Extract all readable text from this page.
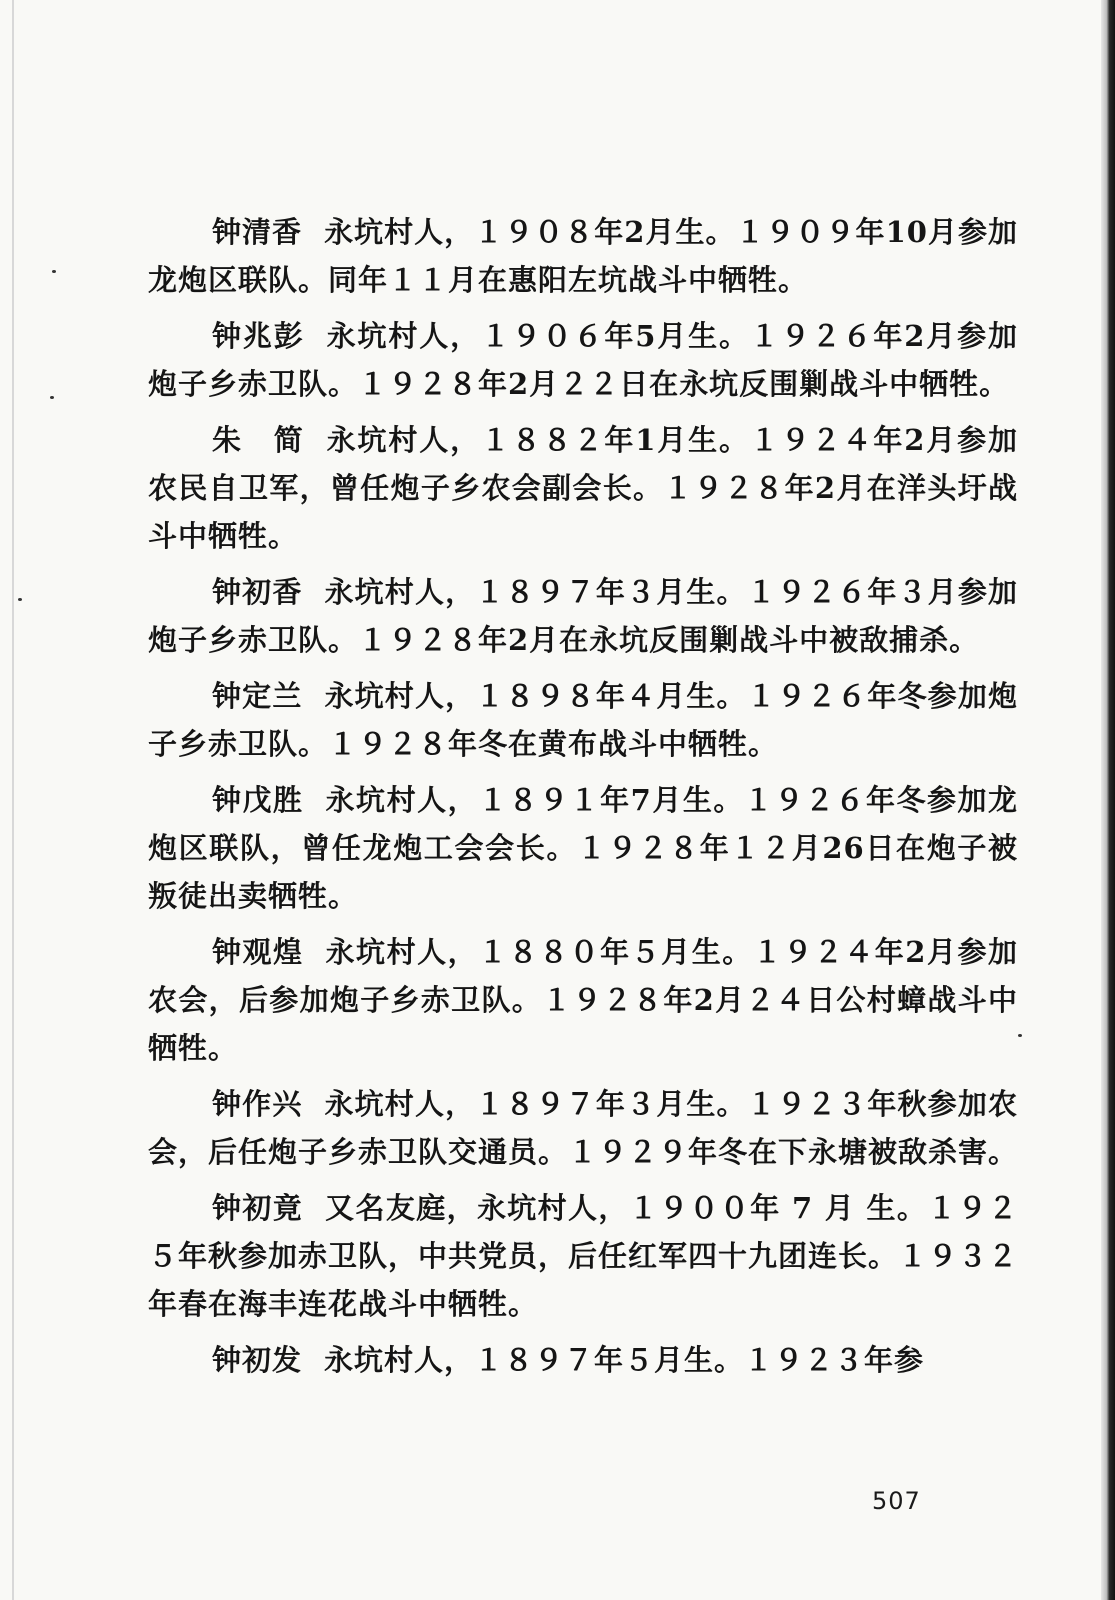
钟清香 永坑村人，１９０８年2月生。１９０９年10月参加龙炮区联队。同年１１月在惠阳左坑战斗中牺牲。

钟兆彭 永坑村人，１９０６年5月生。１９２６年2月参加炮子乡赤卫队。１９２８年2月２２日在永坑反围剿战斗中牺牲。

朱　简 永坑村人，１８８２年1月生。１９２４年2月参加农民自卫军，曾任炮子乡农会副会长。１９２８年2月在洋头圩战斗中牺牲。

钟初香 永坑村人，１８９７年３月生。１９２６年３月参加炮子乡赤卫队。１９２８年2月在永坑反围剿战斗中被敌捕杀。

钟定兰 永坑村人，１８９８年４月生。１９２６年冬参加炮子乡赤卫队。１９２８年冬在黄布战斗中牺牲。

钟戊胜 永坑村人，１８９１年7月生。１９２６年冬参加龙炮区联队，曾任龙炮工会会长。１９２８年１２月26日在炮子被叛徒出卖牺牲。

钟观煌 永坑村人，１８８０年５月生。１９２４年2月参加农会，后参加炮子乡赤卫队。１９２８年2月２４日公村蟑战斗中牺牲。

钟作兴 永坑村人，１８９７年３月生。１９２３年秋参加农会，后任炮子乡赤卫队交通员。１９２９年冬在下永塘被敌杀害。

钟初竟 又名友庭，永坑村人，１９００年 7 月 生。１９２５年秋参加赤卫队，中共党员，后任红军四十九团连长。１９３２年春在海丰连花战斗中牺牲。

钟初发 永坑村人，１８９７年５月生。１９２３年参

507
